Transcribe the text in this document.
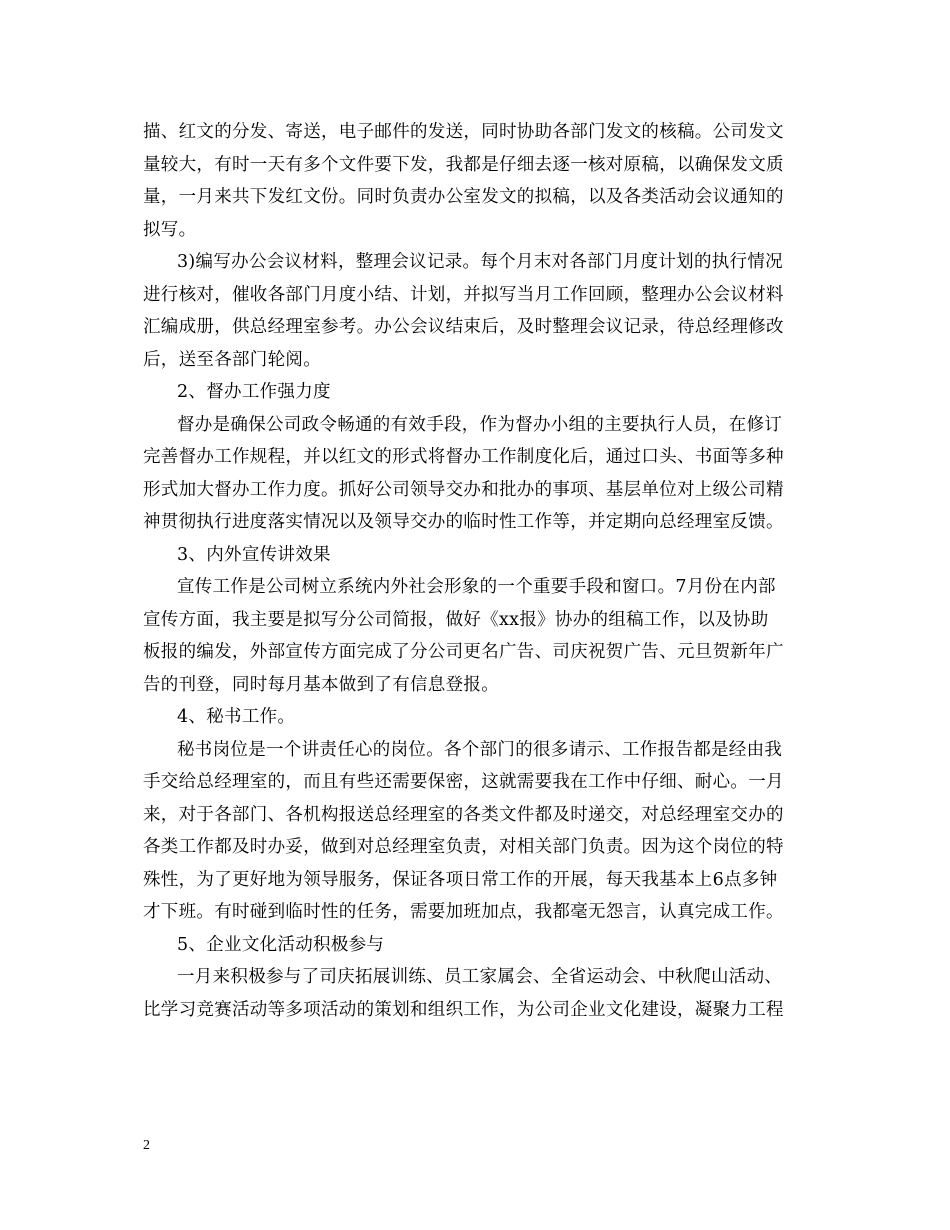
描、红文的分发、寄送，电子邮件的发送，同时协助各部门发文的核稿。公司发文
量较大，有时一天有多个文件要下发，我都是仔细去逐一核对原稿，以确保发文质
量，一月来共下发红文份。同时负责办公室发文的拟稿，以及各类活动会议通知的
拟写。
3)编写办公会议材料，整理会议记录。每个月末对各部门月度计划的执行情况
进行核对，催收各部门月度小结、计划，并拟写当月工作回顾，整理办公会议材料
汇编成册，供总经理室参考。办公会议结束后，及时整理会议记录，待总经理修改
后，送至各部门轮阅。
2、督办工作强力度
督办是确保公司政令畅通的有效手段，作为督办小组的主要执行人员，在修订
完善督办工作规程，并以红文的形式将督办工作制度化后，通过口头、书面等多种
形式加大督办工作力度。抓好公司领导交办和批办的事项、基层单位对上级公司精
神贯彻执行进度落实情况以及领导交办的临时性工作等，并定期向总经理室反馈。
3、内外宣传讲效果
宣传工作是公司树立系统内外社会形象的一个重要手段和窗口。7月份在内部
宣传方面，我主要是拟写分公司简报，做好《xx报》协办的组稿工作，以及协助
板报的编发，外部宣传方面完成了分公司更名广告、司庆祝贺广告、元旦贺新年广
告的刊登，同时每月基本做到了有信息登报。
4、秘书工作。
秘书岗位是一个讲责任心的岗位。各个部门的很多请示、工作报告都是经由我
手交给总经理室的，而且有些还需要保密，这就需要我在工作中仔细、耐心。一月
来，对于各部门、各机构报送总经理室的各类文件都及时递交，对总经理室交办的
各类工作都及时办妥，做到对总经理室负责，对相关部门负责。因为这个岗位的特
殊性，为了更好地为领导服务，保证各项日常工作的开展，每天我基本上6点多钟
才下班。有时碰到临时性的任务，需要加班加点，我都毫无怨言，认真完成工作。
5、企业文化活动积极参与
一月来积极参与了司庆拓展训练、员工家属会、全省运动会、中秋爬山活动、
比学习竞赛活动等多项活动的策划和组织工作，为公司企业文化建设，凝聚力工程

2
